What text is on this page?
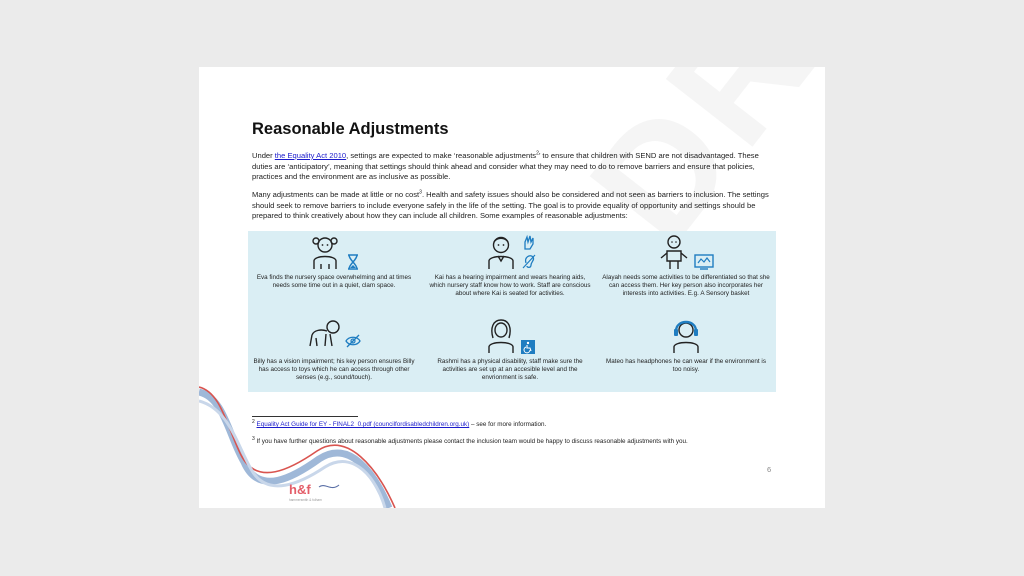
h&f
hammersmith & fulham
Reasonable Adjustments

Under the Equality Act 2010, settings are expected to make ‘reasonable adjustments$^2$’ to ensure that children with SEND are not disadvantaged. These duties are ‘anticipatory’, meaning that settings should think ahead and consider what they may need to do to remove barriers and ensure that policies, practices and the environment are as inclusive as possible.

Many adjustments can be made at little or no cost$^3$. Health and safety issues should also be considered and not seen as barriers to inclusion. The settings should seek to remove barriers to include everyone safely in the life of the setting. The goal is to provide equality of opportunity and settings should be prepared to think creatively about how they can include all children. Some examples of reasonable adjustments:

Eva finds the nursery space overwhelming and at times needs some time out in a quiet, clam space.

Kai has a hearing impairment and wears hearing aids, which nursery staff know how to work. Staff are conscious about where Kai is seated for activities.

Alayah needs some activities to be differentiated so that she can access them. Her key person also incorporates her interests into activities. E.g. A Sensory basket

Billy has a vision impairment; his key person ensures Billy has access to toys which he can access through other senses (e.g., sound/touch).

Rashmi has a physical disability, staff make sure the activities are set up at an accesible level and the envrionment is safe.

Mateo has headphones he can wear if the environment is too noisy.

$^2$ Equality Act Guide for EY - FINAL2_0.pdf (councilfordisabledchildren.org.uk) – see for more information.

$^3$ If you have further questions about reasonable adjustments please contact the inclusion team would be happy to discuss reasonable adjustments with you.

6
